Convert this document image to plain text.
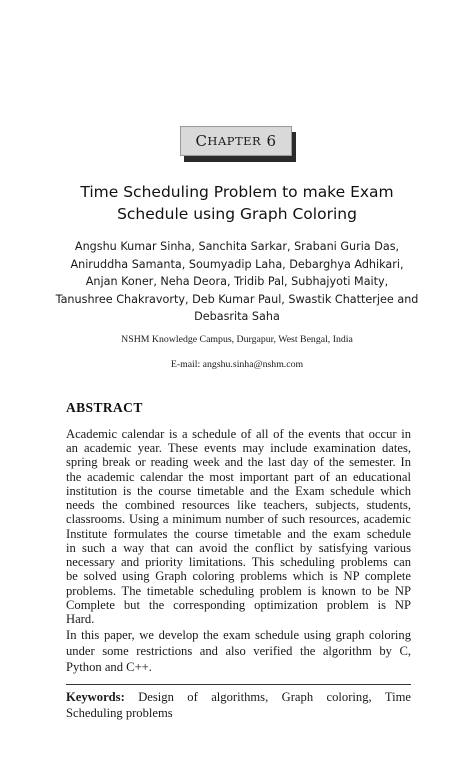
C HAPTER
6
Time Scheduling Problem to make Exam
Schedule using Graph Coloring
Angshu Kumar Sinha, Sanchita Sarkar, Srabani Guria Das,
Aniruddha Samanta, Soumyadip Laha, Debarghya Adhikari,
Anjan Koner, Neha Deora, Tridib Pal, Subhajyoti Maity,
Tanushree Chakravorty, Deb Kumar Paul, Swastik Chatterjee and
Debasrita Saha
NSHM Knowledge Campus, Durgapur, West Bengal, India
E-mail: angshu.sinha@nshm.com
ABSTRACT
Academic calendar is a schedule of all of the events that occur in
an academic year. These events may include examination dates,
spring break or reading week and the last day of the semester. In
the academic calendar the most important part of an educational
institution is the course timetable and the Exam schedule which
needs the combined resources like teachers, subjects, students,
classrooms. Using a minimum number of such resources, academic
Institute formulates the course timetable and the exam schedule
in such a way that can avoid the conflict by satisfying various
necessary and priority limitations. This scheduling problems can
be solved using Graph coloring problems which is NP complete
problems. The timetable scheduling problem is known to be NP
Complete but the corresponding optimization problem is NP
Hard.
In this paper, we develop the exam schedule using graph coloring
under some restrictions and also verified the algorithm by C,
Python and C++.
Keywords: Design of algorithms, Graph coloring, Time
Scheduling problems
